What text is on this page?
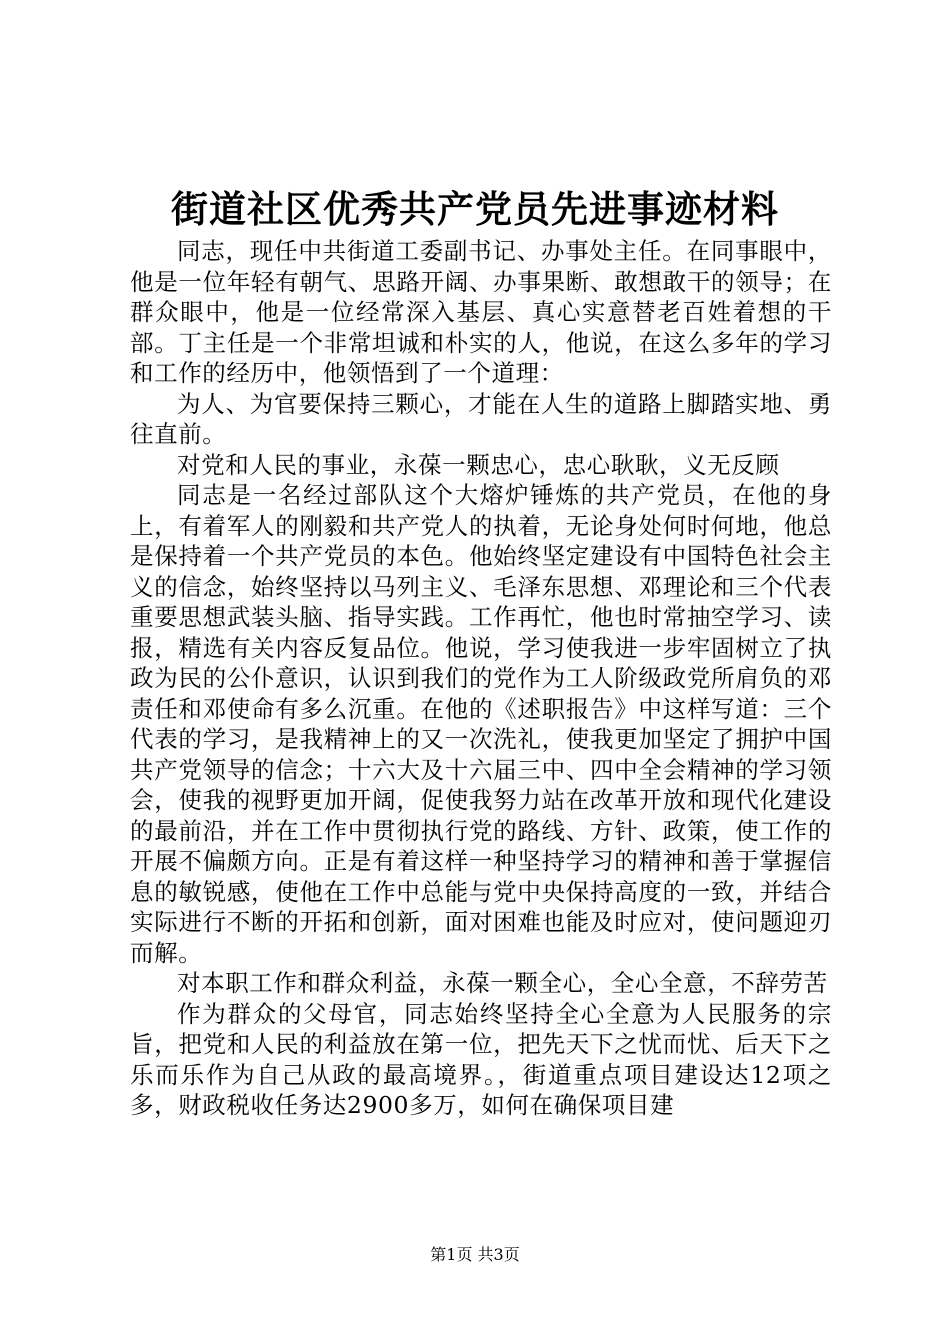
街道社区优秀共产党员先进事迹材料

同志，现任中共街道工委副书记、办事处主任。在同事眼中，他是一位年轻有朝气、思路开阔、办事果断、敢想敢干的领导；在群众眼中，他是一位经常深入基层、真心实意替老百姓着想的干部。丁主任是一个非常坦诚和朴实的人，他说，在这么多年的学习和工作的经历中，他领悟到了一个道理：

为人、为官要保持三颗心，才能在人生的道路上脚踏实地、勇往直前。

对党和人民的事业，永葆一颗忠心，忠心耿耿，义无反顾

同志是一名经过部队这个大熔炉锤炼的共产党员，在他的身上，有着军人的刚毅和共产党人的执着，无论身处何时何地，他总是保持着一个共产党员的本色。他始终坚定建设有中国特色社会主义的信念，始终坚持以马列主义、毛泽东思想、邓理论和三个代表重要思想武装头脑、指导实践。工作再忙，他也时常抽空学习、读报，精选有关内容反复品位。他说，学习使我进一步牢固树立了执政为民的公仆意识，认识到我们的党作为工人阶级政党所肩负的邓责任和邓使命有多么沉重。在他的《述职报告》中这样写道：三个代表的学习，是我精神上的又一次洗礼，使我更加坚定了拥护中国共产党领导的信念；十六大及十六届三中、四中全会精神的学习领会，使我的视野更加开阔，促使我努力站在改革开放和现代化建设的最前沿，并在工作中贯彻执行党的路线、方针、政策，使工作的开展不偏颇方向。正是有着这样一种坚持学习的精神和善于掌握信息的敏锐感，使他在工作中总能与党中央保持高度的一致，并结合实际进行不断的开拓和创新，面对困难也能及时应对，使问题迎刃而解。

对本职工作和群众利益，永葆一颗全心，全心全意，不辞劳苦

作为群众的父母官，同志始终坚持全心全意为人民服务的宗旨，把党和人民的利益放在第一位，把先天下之忧而忧、后天下之乐而乐作为自己从政的最高境界。，街道重点项目建设达12项之多，财政税收任务达2900多万，如何在确保项目建

第1页 共3页
